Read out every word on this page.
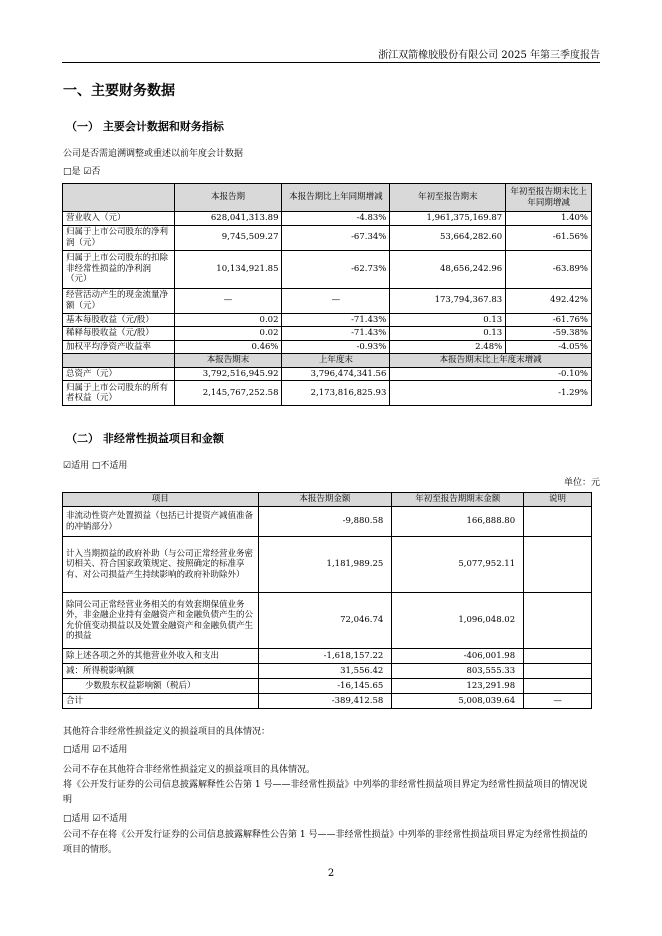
浙江双箭橡胶股份有限公司 2025 年第三季度报告
一、主要财务数据
（一） 主要会计数据和财务指标
公司是否需追溯调整或重述以前年度会计数据
□是 ☑否
	本报告期	本报告期比上年同期增减	年初至报告期末	年初至报告期末比上年同期增减
营业收入（元）	628,041,313.89	-4.83%	1,961,375,169.87	1.40%
归属于上市公司股东的净利润（元）	9,745,509.27	-67.34%	53,664,282.60	-61.56%
归属于上市公司股东的扣除非经常性损益的净利润（元）	10,134,921.85	-62.73%	48,656,242.96	-63.89%
经营活动产生的现金流量净额（元）	—	—	173,794,367.83	492.42%
基本每股收益（元/股）	0.02	-71.43%	0.13	-61.76%
稀释每股收益（元/股）	0.02	-71.43%	0.13	-59.38%
加权平均净资产收益率	0.46%	-0.93%	2.48%	-4.05%
	本报告期末	上年度末	本报告期末比上年度末增减	
总资产（元）	3,792,516,945.92	3,796,474,341.56	-0.10%	
归属于上市公司股东的所有者权益（元）	2,145,767,252.58	2,173,816,825.93	-1.29%	
（二） 非经常性损益项目和金额
☑适用 □不适用
单位：元
项目	本报告期金额	年初至报告期期末金额	说明
非流动性资产处置损益（包括已计提资产减值准备的冲销部分）	-9,880.58	166,888.80	
计入当期损益的政府补助（与公司正常经营业务密切相关、符合国家政策规定、按照确定的标准享有、对公司损益产生持续影响的政府补助除外）	1,181,989.25	5,077,952.11	
除同公司正常经营业务相关的有效套期保值业务外，非金融企业持有金融资产和金融负债产生的公允价值变动损益以及处置金融资产和金融负债产生的损益	72,046.74	1,096,048.02	
除上述各项之外的其他营业外收入和支出	-1,618,157.22	-406,001.98	
减：所得税影响额	31,556.42	803,555.33	
少数股东权益影响额（税后）	-16,145.65	123,291.98	
合计	-389,412.58	5,008,039.64	—
其他符合非经常性损益定义的损益项目的具体情况：
□适用 ☑不适用
公司不存在其他符合非经常性损益定义的损益项目的具体情况。
将《公开发行证券的公司信息披露解释性公告第 1 号——非经常性损益》中列举的非经常性损益项目界定为经常性损益项目的情况说明
□适用 ☑不适用
公司不存在将《公开发行证券的公司信息披露解释性公告第 1 号——非经常性损益》中列举的非经常性损益项目界定为经常性损益的项目的情形。
2
